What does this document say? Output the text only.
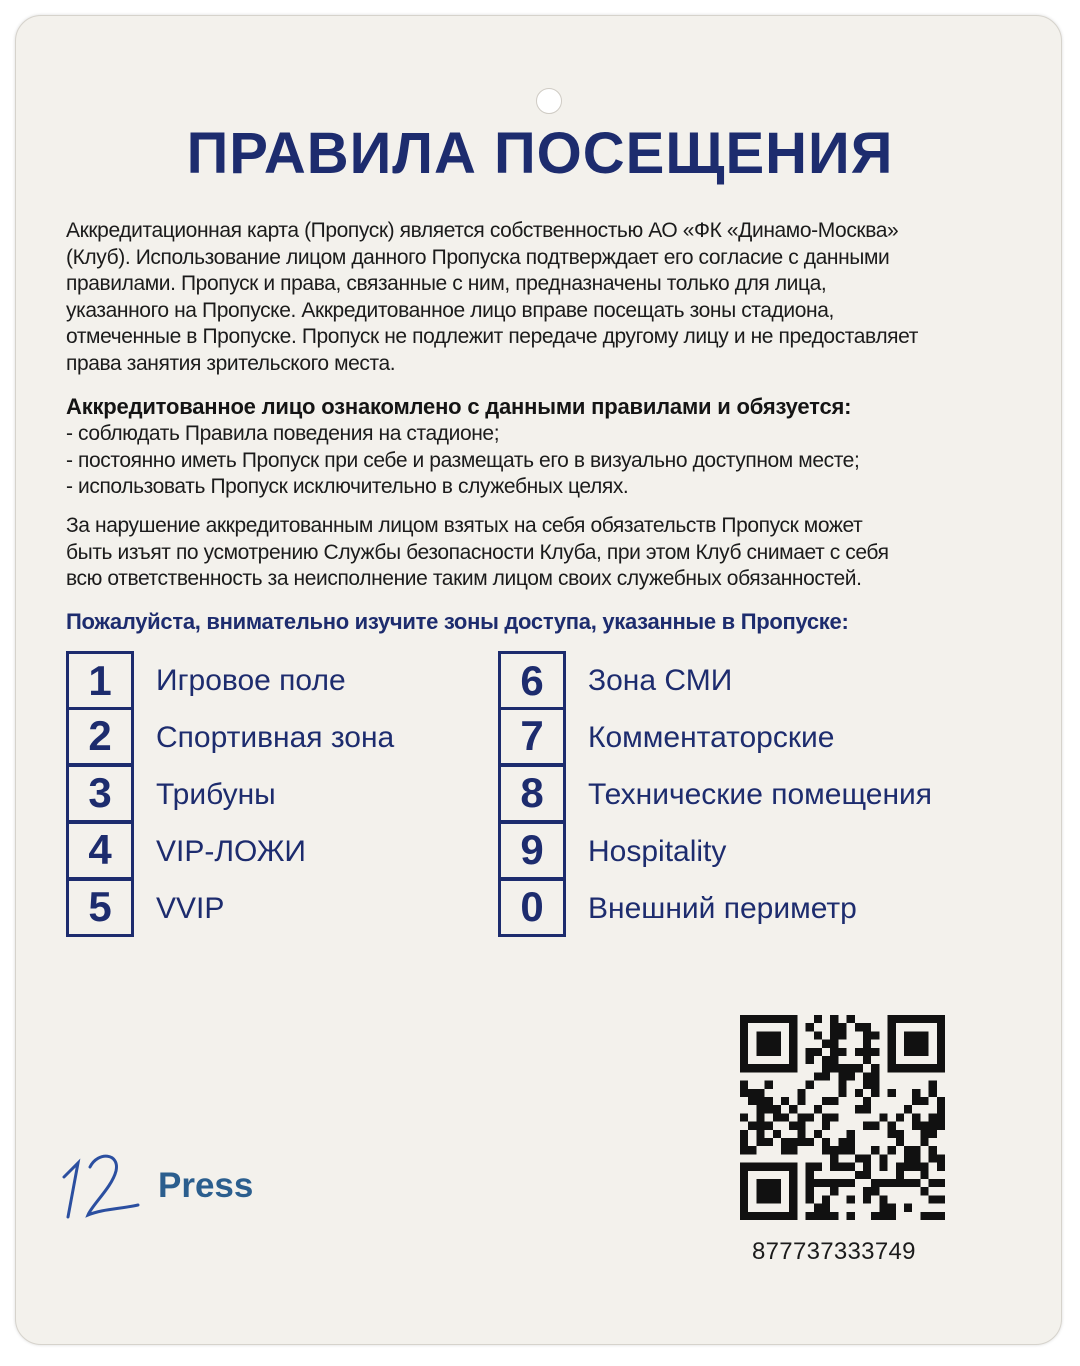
ПРАВИЛА ПОСЕЩЕНИЯ
Аккредитационная карта (Пропуск) является собственностью АО «ФК «Динамо-Москва»
(Клуб). Использование лицом данного Пропуска подтверждает его согласие с данными
правилами. Пропуск и права, связанные с ним, предназначены только для лица,
указанного на Пропуске. Аккредитованное лицо вправе посещать зоны стадиона,
отмеченные в Пропуске. Пропуск не подлежит передаче другому лицу и не предоставляет
права занятия зрительского места.
Аккредитованное лицо ознакомлено с данными правилами и обязуется:
- соблюдать Правила поведения на стадионе;
- постоянно иметь Пропуск при себе и размещать его в визуально доступном месте;
- использовать Пропуск исключительно в служебных целях.
За нарушение аккредитованным лицом взятых на себя обязательств Пропуск может
быть изъят по усмотрению Службы безопасности Клуба, при этом Клуб снимает с себя
всю ответственность за неисполнение таким лицом своих служебных обязанностей.
Пожалуйста, внимательно изучите зоны доступа, указанные в Пропуске:
1	Игровое поле
2	Спортивная зона
3	Трибуны
4	VIP-ЛОЖИ
5	VVIP
6	Зона СМИ
7	Комментаторские
8	Технические помещения
9	Hospitality
0	Внешний периметр
Press
877737333749
